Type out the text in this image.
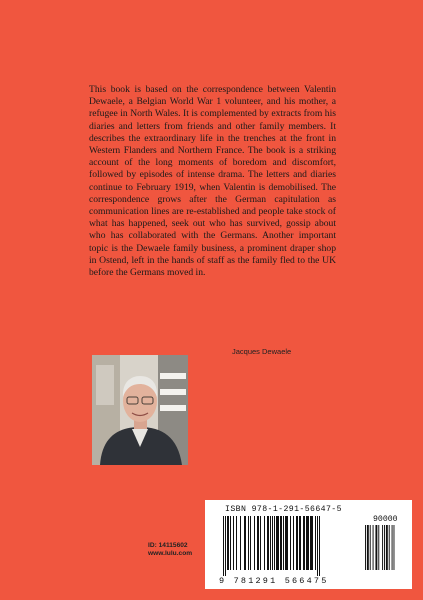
This book is based on the correspondence between Valentin Dewaele, a Belgian World War 1 volunteer, and his mother, a refugee in North Wales. It is complemented by extracts from his diaries and letters from friends and other family members. It describes the extraordinary life in the trenches at the front in Western Flanders and Northern France. The book is a striking account of the long moments of boredom and discomfort, followed by episodes of intense drama. The letters and diaries continue to February 1919, when Valentin is demobilised. The correspondence grows after the German capitulation as communication lines are re-established and people take stock of what has happened, seek out who has survived, gossip about who has collaborated with the Germans. Another important topic is the Dewaele family business, a prominent draper shop in Ostend, left in the hands of staff as the family fled to the UK before the Germans moved in.

Jacques Dewaele
ID: 14115602
www.lulu.com
ISBN 978-1-291-56647-5
90000
9 781291 566475
